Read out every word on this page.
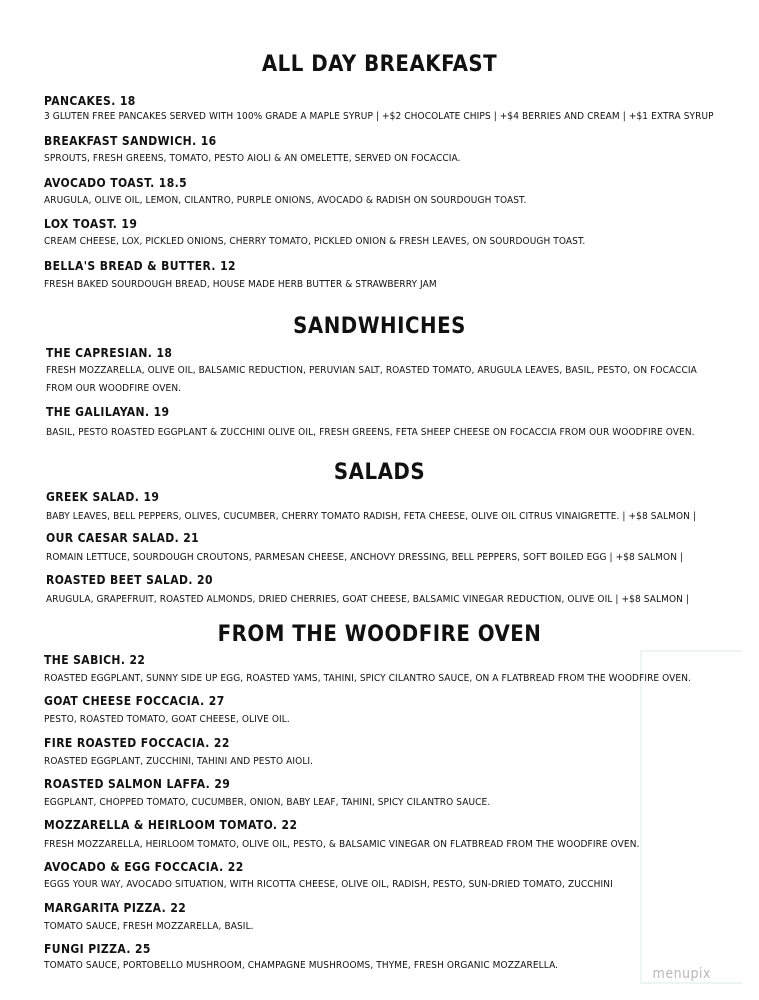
ALL DAY BREAKFAST
PANCAKES. 18
3 GLUTEN FREE PANCAKES SERVED WITH 100% GRADE A MAPLE SYRUP | +$2 CHOCOLATE CHIPS | +$4 BERRIES AND CREAM | +$1 EXTRA SYRUP
BREAKFAST SANDWICH. 16
SPROUTS, FRESH GREENS, TOMATO, PESTO AIOLI & AN OMELETTE, SERVED ON FOCACCIA.
AVOCADO TOAST. 18.5
ARUGULA, OLIVE OIL, LEMON, CILANTRO, PURPLE ONIONS, AVOCADO & RADISH ON SOURDOUGH TOAST.
LOX TOAST. 19
CREAM CHEESE, LOX, PICKLED ONIONS, CHERRY TOMATO, PICKLED ONION & FRESH LEAVES, ON SOURDOUGH TOAST.
BELLA'S BREAD & BUTTER. 12
FRESH BAKED SOURDOUGH BREAD, HOUSE MADE HERB BUTTER & STRAWBERRY JAM
SANDWHICHES
THE CAPRESIAN. 18
FRESH MOZZARELLA, OLIVE OIL, BALSAMIC REDUCTION, PERUVIAN SALT, ROASTED TOMATO, ARUGULA LEAVES, BASIL, PESTO, ON FOCACCIA FROM OUR WOODFIRE OVEN.
THE GALILAYAN. 19
BASIL, PESTO ROASTED EGGPLANT & ZUCCHINI OLIVE OIL, FRESH GREENS, FETA SHEEP CHEESE ON FOCACCIA FROM OUR WOODFIRE OVEN.
SALADS
GREEK SALAD. 19
BABY LEAVES, BELL PEPPERS, OLIVES, CUCUMBER, CHERRY TOMATO RADISH, FETA CHEESE, OLIVE OIL CITRUS VINAIGRETTE. | +$8 SALMON |
OUR CAESAR SALAD. 21
ROMAIN LETTUCE, SOURDOUGH CROUTONS, PARMESAN CHEESE, ANCHOVY DRESSING, BELL PEPPERS, SOFT BOILED EGG | +$8 SALMON |
ROASTED BEET SALAD. 20
ARUGULA, GRAPEFRUIT, ROASTED ALMONDS, DRIED CHERRIES, GOAT CHEESE, BALSAMIC VINEGAR REDUCTION, OLIVE OIL | +$8 SALMON |
FROM THE WOODFIRE OVEN
THE SABICH. 22
ROASTED EGGPLANT, SUNNY SIDE UP EGG, ROASTED YAMS, TAHINI, SPICY CILANTRO SAUCE, ON A FLATBREAD FROM THE WOODFIRE OVEN.
GOAT CHEESE FOCCACIA. 27
PESTO, ROASTED TOMATO, GOAT CHEESE, OLIVE OIL.
FIRE ROASTED FOCCACIA. 22
ROASTED EGGPLANT, ZUCCHINI, TAHINI AND PESTO AIOLI.
ROASTED SALMON LAFFA. 29
EGGPLANT, CHOPPED TOMATO, CUCUMBER, ONION, BABY LEAF, TAHINI, SPICY CILANTRO SAUCE.
MOZZARELLA & HEIRLOOM TOMATO. 22
FRESH MOZZARELLA, HEIRLOOM TOMATO, OLIVE OIL, PESTO, & BALSAMIC VINEGAR ON FLATBREAD FROM THE WOODFIRE OVEN.
AVOCADO & EGG FOCCACIA. 22
EGGS YOUR WAY, AVOCADO SITUATION, WITH RICOTTA CHEESE, OLIVE OIL, RADISH, PESTO, SUN-DRIED TOMATO, ZUCCHINI
MARGARITA PIZZA. 22
TOMATO SAUCE, FRESH MOZZARELLA, BASIL.
FUNGI PIZZA. 25
TOMATO SAUCE, PORTOBELLO MUSHROOM, CHAMPAGNE MUSHROOMS, THYME, FRESH ORGANIC MOZZARELLA.
menupix
